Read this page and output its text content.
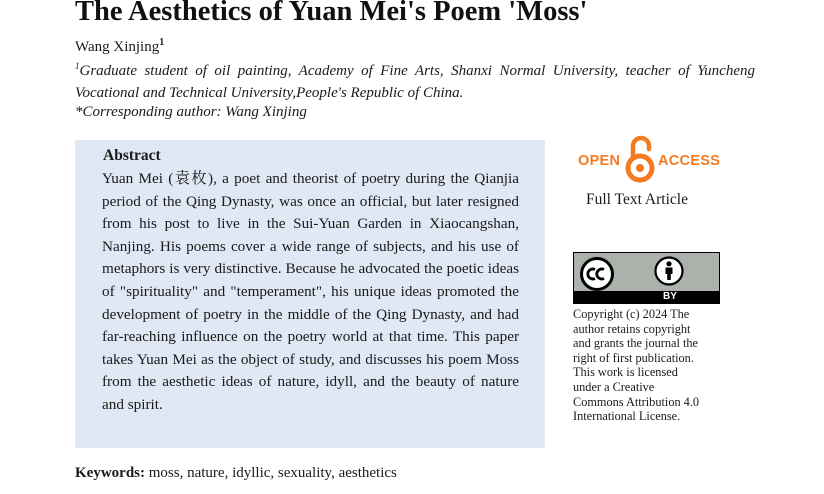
The Aesthetics of Yuan Mei's Poem 'Moss'
Wang Xinjing$^1$
$^1$Graduate student of oil painting, Academy of Fine Arts, Shanxi Normal University, teacher of Yuncheng Vocational and Technical University,People's Republic of China.
*Corresponding author: Wang Xinjing
Abstract
Yuan Mei (袁枚), a poet and theorist of poetry during the Qianjia period of the Qing Dynasty, was once an official, but later resigned from his post to live in the Sui-Yuan Garden in Xiaocangshan, Nanjing. His poems cover a wide range of subjects, and his use of metaphors is very distinctive. Because he advocated the poetic ideas of "spirituality" and "temperament", his unique ideas promoted the development of poetry in the middle of the Qing Dynasty, and had far-reaching influence on the poetry world at that time. This paper takes Yuan Mei as the object of study, and discusses his poem Moss from the aesthetic ideas of nature, idyll, and the beauty of nature and spirit.
Keywords: moss, nature, idyllic, sexuality, aesthetics
OPEN	ACCESS
Full Text Article
BY
Copyright (c) 2024 The
author retains copyright
and grants the journal the
right of first publication.
This work is licensed
under a Creative
Commons Attribution 4.0
International License.
